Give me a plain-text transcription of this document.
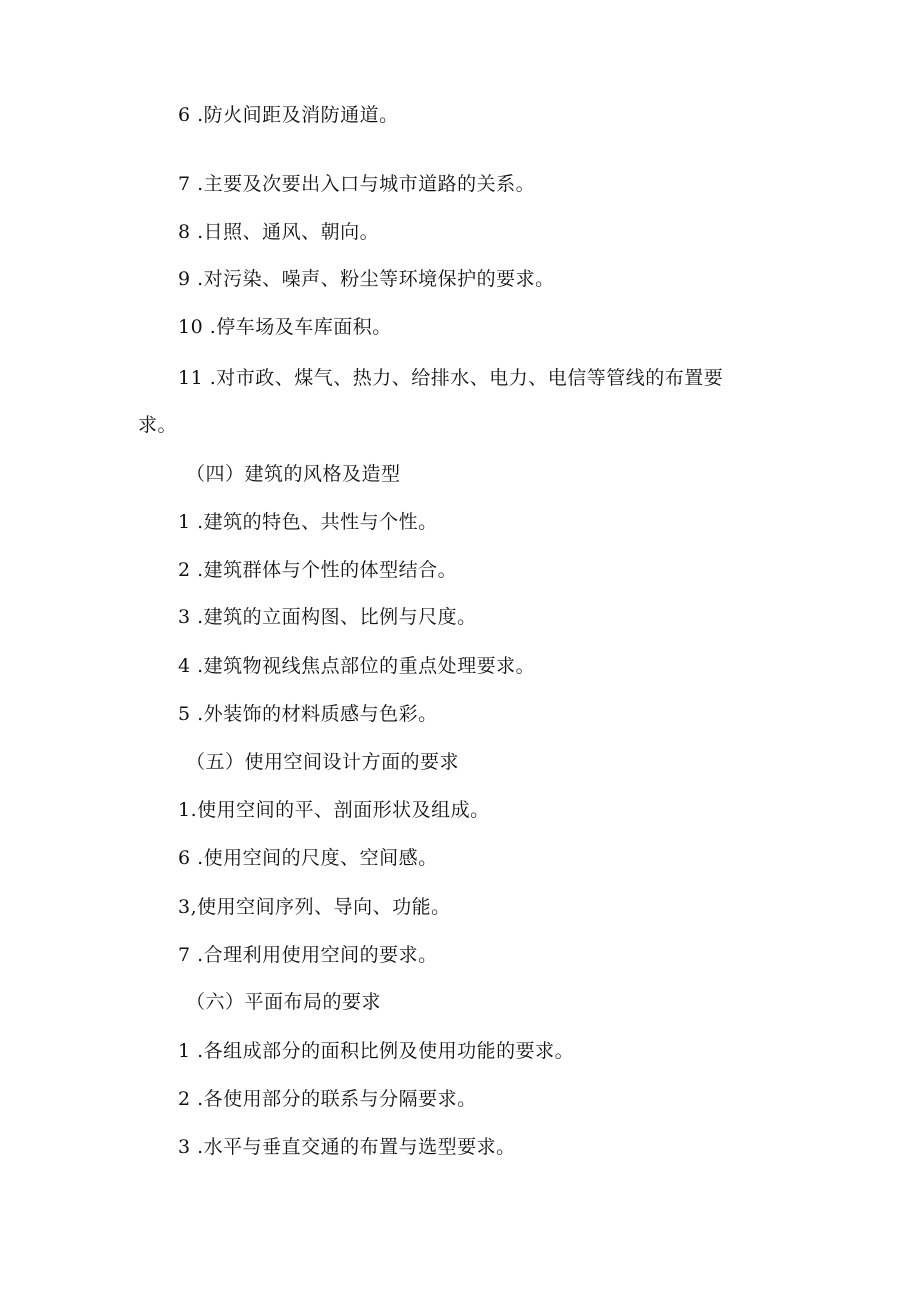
6 .防火间距及消防通道。
7 .主要及次要出入口与城市道路的关系。
8 .日照、通风、朝向。
9 .对污染、噪声、粉尘等环境保护的要求。
10 .停车场及车库面积。
11 .对市政、煤气、热力、给排水、电力、电信等管线的布置要
求。
（四）建筑的风格及造型
1 .建筑的特色、共性与个性。
2 .建筑群体与个性的体型结合。
3 .建筑的立面构图、比例与尺度。
4 .建筑物视线焦点部位的重点处理要求。
5 .外装饰的材料质感与色彩。
（五）使用空间设计方面的要求
1.使用空间的平、剖面形状及组成。
6 .使用空间的尺度、空间感。
3,使用空间序列、导向、功能。
7 .合理利用使用空间的要求。
（六）平面布局的要求
1 .各组成部分的面积比例及使用功能的要求。
2 .各使用部分的联系与分隔要求。
3 .水平与垂直交通的布置与选型要求。
